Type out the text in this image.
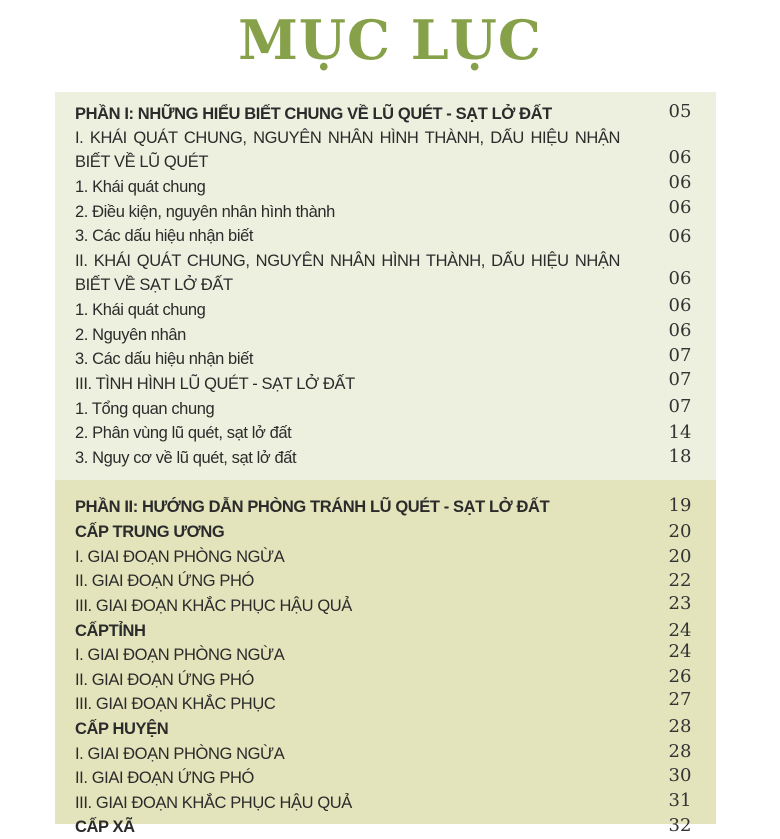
MỤC LỤC
PHẦN I: NHỮNG HIỂU BIẾT CHUNG VỀ LŨ QUÉT - SẠT LỞ ĐẤT	05
I. KHÁI QUÁT CHUNG, NGUYÊN NHÂN HÌNH THÀNH, DẤU HIỆU NHẬN BIẾT VỀ LŨ QUÉT	06
1. Khái quát chung	06
2. Điều kiện, nguyên nhân hình thành	06
3. Các dấu hiệu nhận biết	06
II. KHÁI QUÁT CHUNG, NGUYÊN NHÂN HÌNH THÀNH, DẤU HIỆU NHẬN BIẾT VỀ SẠT LỞ ĐẤT	06
1. Khái quát chung	06
2. Nguyên nhân	06
3. Các dấu hiệu nhận biết	07
III. TÌNH HÌNH LŨ QUÉT - SẠT LỞ ĐẤT	07
1. Tổng quan chung	07
2. Phân vùng lũ quét, sạt lở đất	14
3. Nguy cơ về lũ quét, sạt lở đất	18
PHẦN II: HƯỚNG DẪN PHÒNG TRÁNH LŨ QUÉT - SẠT LỞ ĐẤT	19
CẤP TRUNG ƯƠNG	20
I. GIAI ĐOẠN PHÒNG NGỪA	20
II. GIAI ĐOẠN ỨNG PHÓ	22
III. GIAI ĐOẠN KHẮC PHỤC HẬU QUẢ	23
CẤPTỈNH	24
I. GIAI ĐOẠN PHÒNG NGỪA	24
II. GIAI ĐOẠN ỨNG PHÓ	26
III. GIAI ĐOẠN KHẮC PHỤC	27
CẤP HUYỆN	28
I. GIAI ĐOẠN PHÒNG NGỪA	28
II. GIAI ĐOẠN ỨNG PHÓ	30
III. GIAI ĐOẠN KHẮC PHỤC HẬU QUẢ	31
CẤP XÃ	32
